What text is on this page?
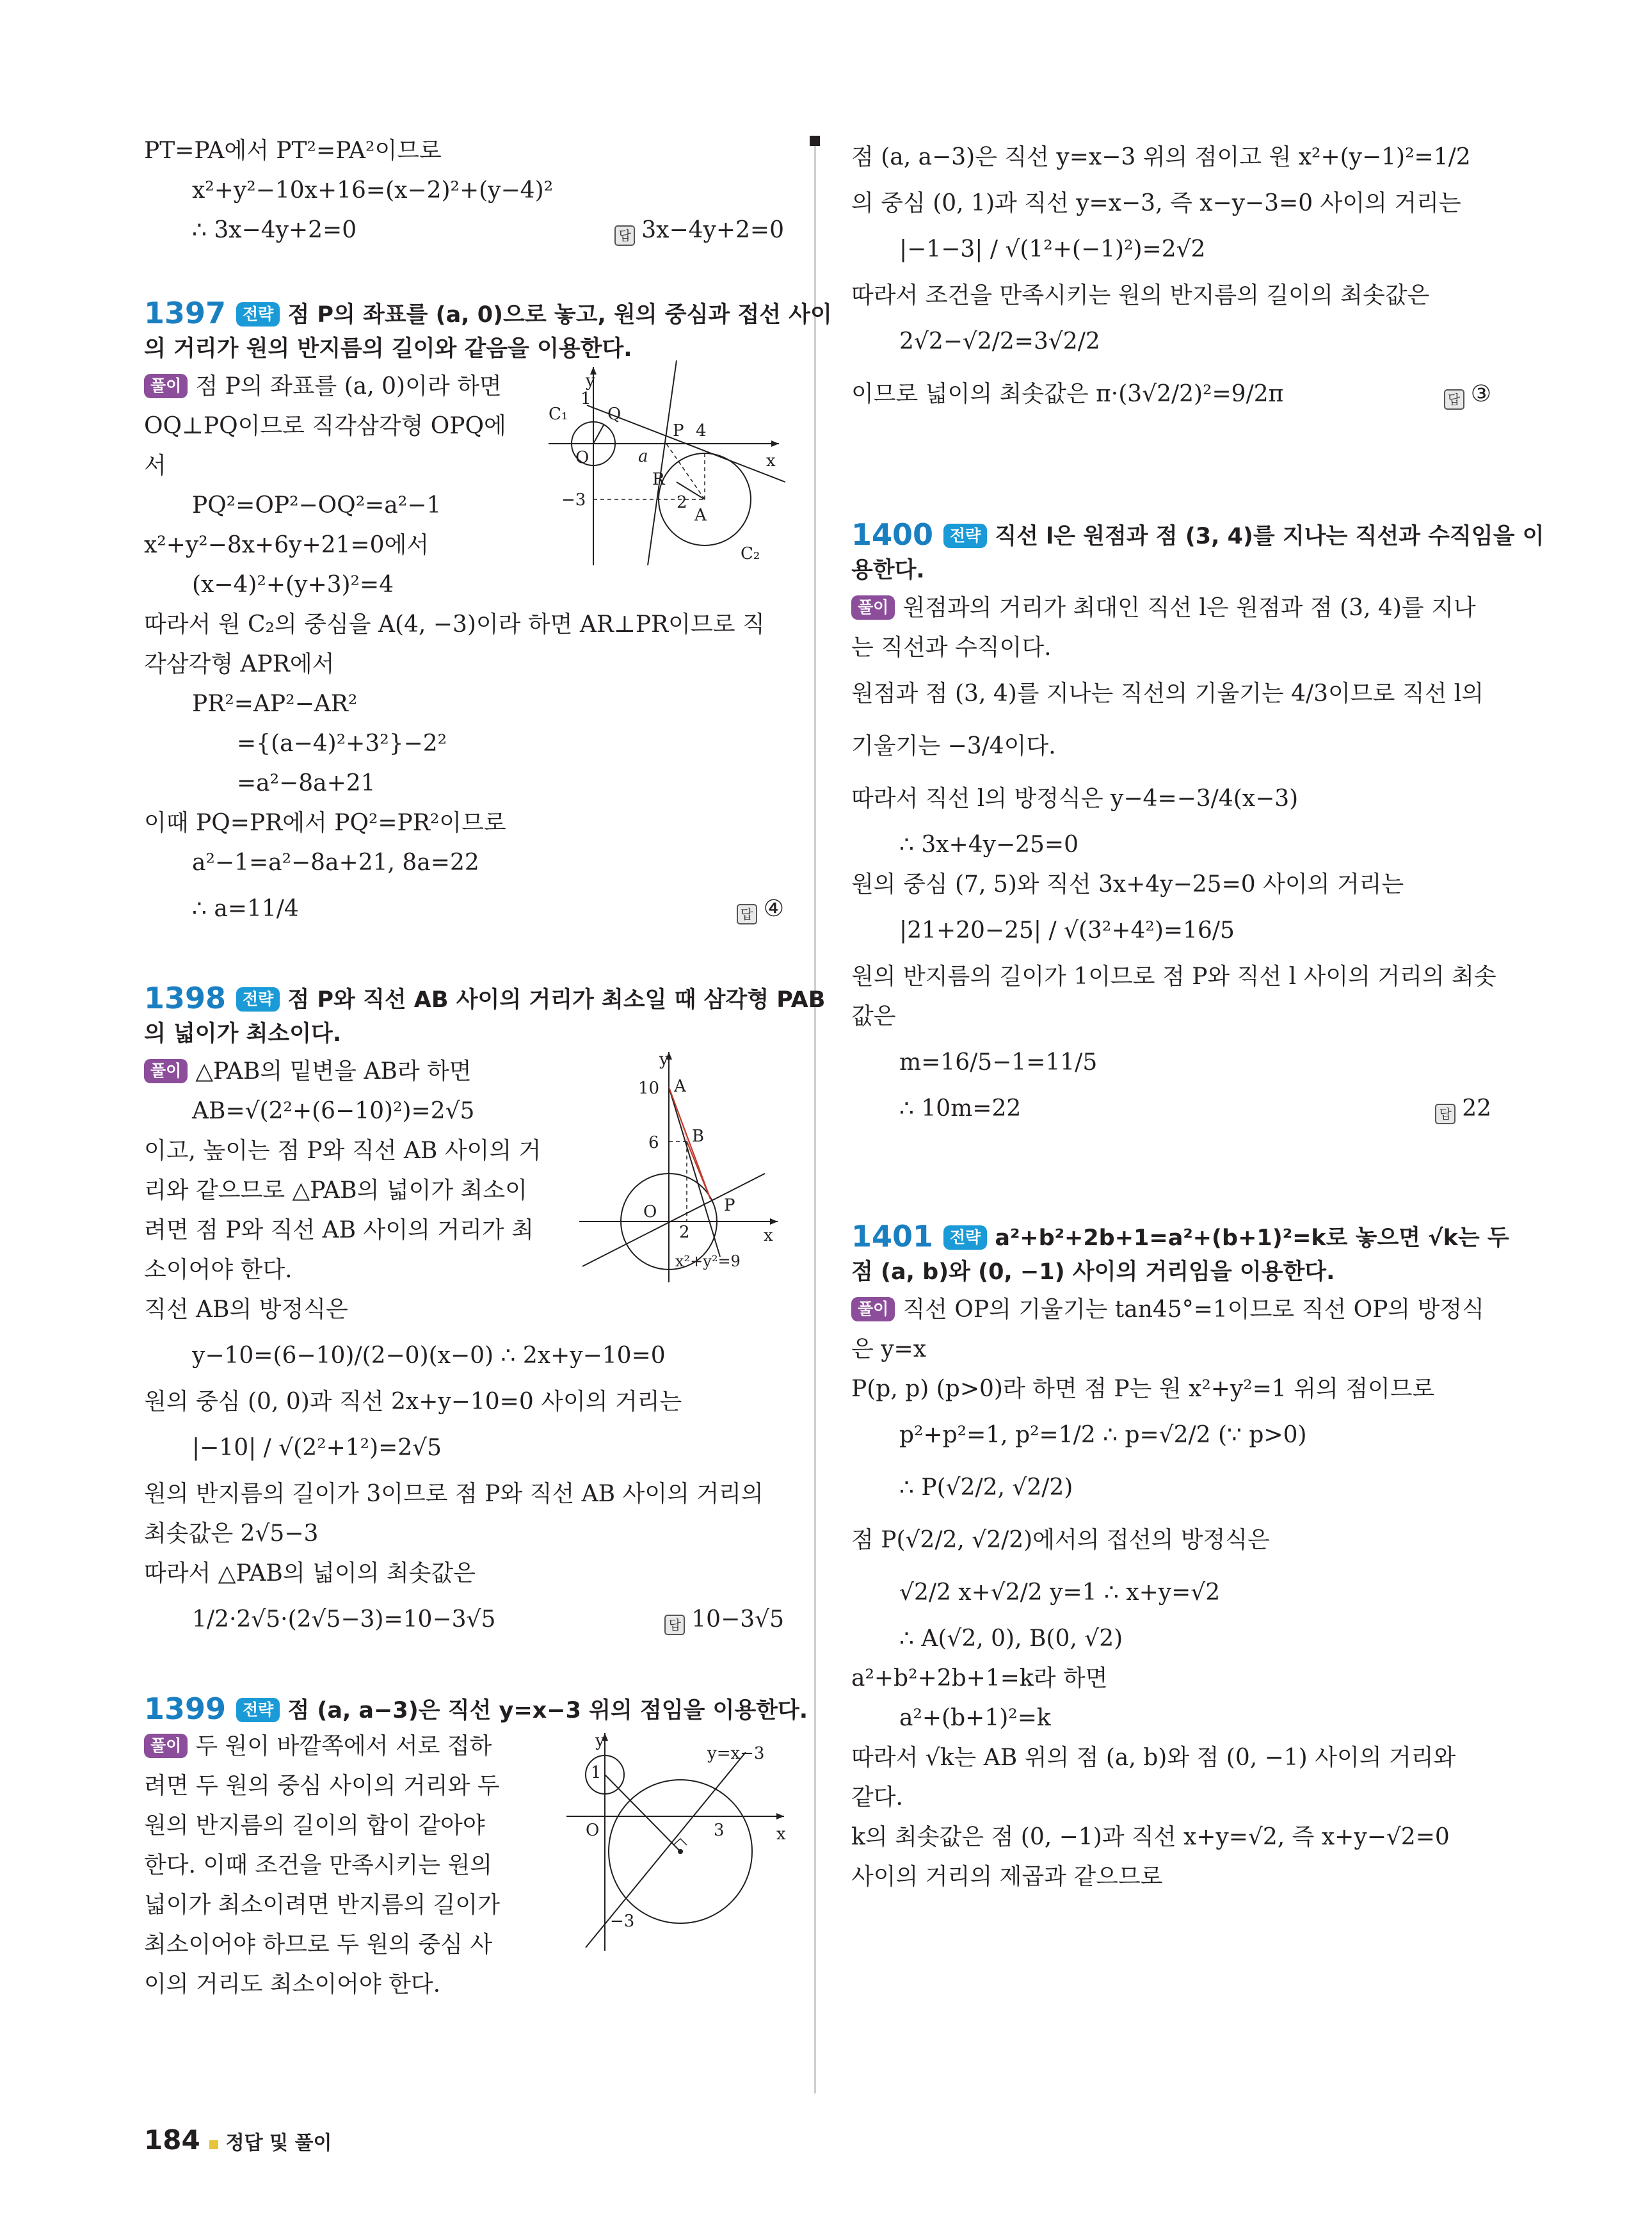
PT=PA에서 PT²=PA²이므로
x²+y²−10x+16=(x−2)²+(y−4)²
∴ 3x−4y+2=0	답 3x−4y+2=0
1397 전략 점 P의 좌표를 (a, 0)으로 놓고, 원의 중심과 접선 사이
의 거리가 원의 반지름의 길이와 같음을 이용한다.
풀이 점 P의 좌표를 (a, 0)이라 하면
OQ⊥PQ이므로 직각삼각형 OPQ에
서
PQ²=OP²−OQ²=a²−1
x²+y²−8x+6y+21=0에서
(x−4)²+(y+3)²=4
따라서 원 C₂의 중심을 A(4, −3)이라 하면 AR⊥PR이므로 직
각삼각형 APR에서
PR²=AP²−AR²
={(a−4)²+3²}−2²
=a²−8a+21
이때 PQ=PR에서 PQ²=PR²이므로
a²−1=a²−8a+21, 8a=22
∴ a=11/4	답 ④
y
x
C₁
1
Q
O
P 4
a
−3
R
2
A
C₂
1398 전략 점 P와 직선 AB 사이의 거리가 최소일 때 삼각형 PAB
의 넓이가 최소이다.
풀이 △PAB의 밑변을 AB라 하면
AB=√(2²+(6−10)²)=2√5
이고, 높이는 점 P와 직선 AB 사이의 거
리와 같으므로 △PAB의 넓이가 최소이
려면 점 P와 직선 AB 사이의 거리가 최
소이어야 한다.
직선 AB의 방정식은
y−10=(6−10)/(2−0)(x−0) ∴ 2x+y−10=0
원의 중심 (0, 0)과 직선 2x+y−10=0 사이의 거리는
|−10| / √(2²+1²)=2√5
원의 반지름의 길이가 3이므로 점 P와 직선 AB 사이의 거리의
최솟값은 2√5−3
따라서 △PAB의 넓이의 최솟값은
1/2·2√5·(2√5−3)=10−3√5	답 10−3√5
y
x
10 A
6 B
O	P
2
x²+y²=9
1399 전략 점 (a, a−3)은 직선 y=x−3 위의 점임을 이용한다.
풀이 두 원이 바깥쪽에서 서로 접하
려면 두 원의 중심 사이의 거리와 두
원의 반지름의 길이의 합이 같아야
한다. 이때 조건을 만족시키는 원의
넓이가 최소이려면 반지름의 길이가
최소이어야 하므로 두 원의 중심 사
이의 거리도 최소이어야 한다.
y
x
y=x−3
1
O	3
−3
점 (a, a−3)은 직선 y=x−3 위의 점이고 원 x²+(y−1)²=1/2
의 중심 (0, 1)과 직선 y=x−3, 즉 x−y−3=0 사이의 거리는
|−1−3| / √(1²+(−1)²)=2√2
따라서 조건을 만족시키는 원의 반지름의 길이의 최솟값은
2√2−√2/2=3√2/2
이므로 넓이의 최솟값은 π·(3√2/2)²=9/2π	답 ③
1400 전략 직선 l은 원점과 점 (3, 4)를 지나는 직선과 수직임을 이
용한다.
풀이 원점과의 거리가 최대인 직선 l은 원점과 점 (3, 4)를 지나
는 직선과 수직이다.
원점과 점 (3, 4)를 지나는 직선의 기울기는 4/3이므로 직선 l의
기울기는 −3/4이다.
따라서 직선 l의 방정식은 y−4=−3/4(x−3)
∴ 3x+4y−25=0
원의 중심 (7, 5)와 직선 3x+4y−25=0 사이의 거리는
|21+20−25| / √(3²+4²)=16/5
원의 반지름의 길이가 1이므로 점 P와 직선 l 사이의 거리의 최솟
값은
m=16/5−1=11/5
∴ 10m=22	답 22
1401 전략 a²+b²+2b+1=a²+(b+1)²=k로 놓으면 √k는 두
점 (a, b)와 (0, −1) 사이의 거리임을 이용한다.
풀이 직선 OP의 기울기는 tan45°=1이므로 직선 OP의 방정식
은 y=x
P(p, p) (p>0)라 하면 점 P는 원 x²+y²=1 위의 점이므로
p²+p²=1, p²=1/2 ∴ p=√2/2 (∵ p>0)
∴ P(√2/2, √2/2)
점 P(√2/2, √2/2)에서의 접선의 방정식은
√2/2 x+√2/2 y=1 ∴ x+y=√2
∴ A(√2, 0), B(0, √2)
a²+b²+2b+1=k라 하면
a²+(b+1)²=k
따라서 √k는 AB 위의 점 (a, b)와 점 (0, −1) 사이의 거리와
같다.
k의 최솟값은 점 (0, −1)과 직선 x+y=√2, 즉 x+y−√2=0
사이의 거리의 제곱과 같으므로
184 정답 및 풀이
